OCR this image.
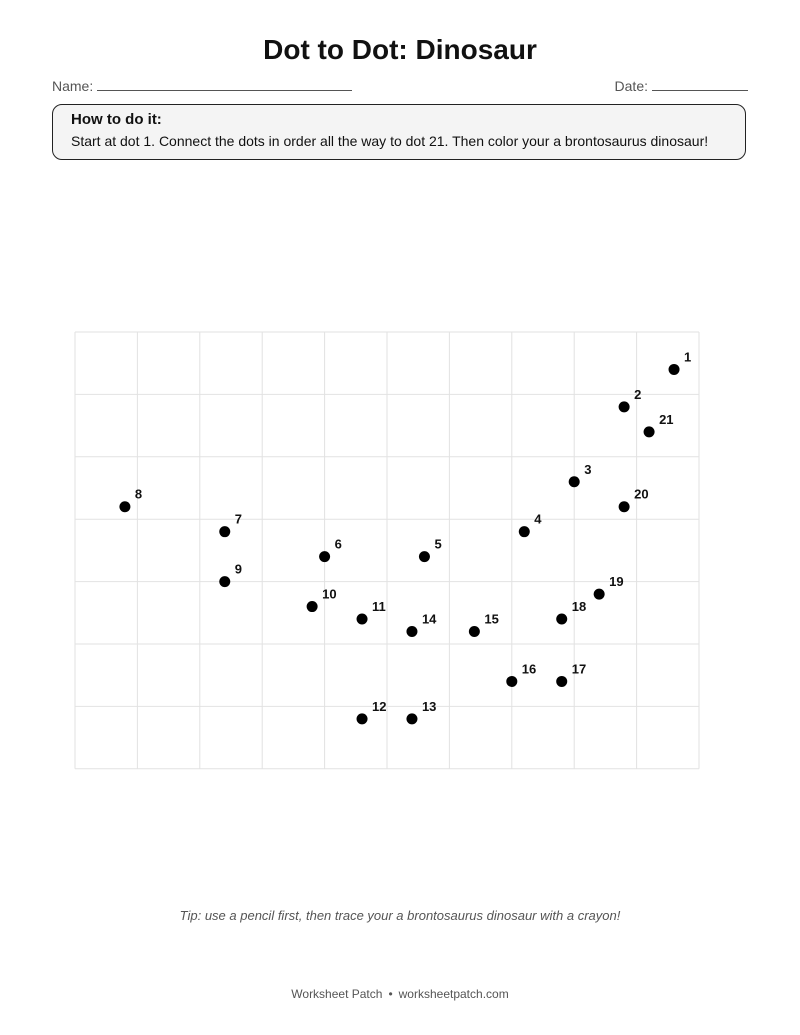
Dot to Dot: Dinosaur
Name:	Date:

How to do it:

Start at dot 1. Connect the dots in order all the way to dot 21. Then color your a brontosaurus dinosaur!

1
2
3
4
5
6
7
8
9
10
11
12	13
14	15
16	17
18
19
20
21
Tip: use a pencil first, then trace your a brontosaurus dinosaur with a crayon!
Worksheet Patch • worksheetpatch.com
